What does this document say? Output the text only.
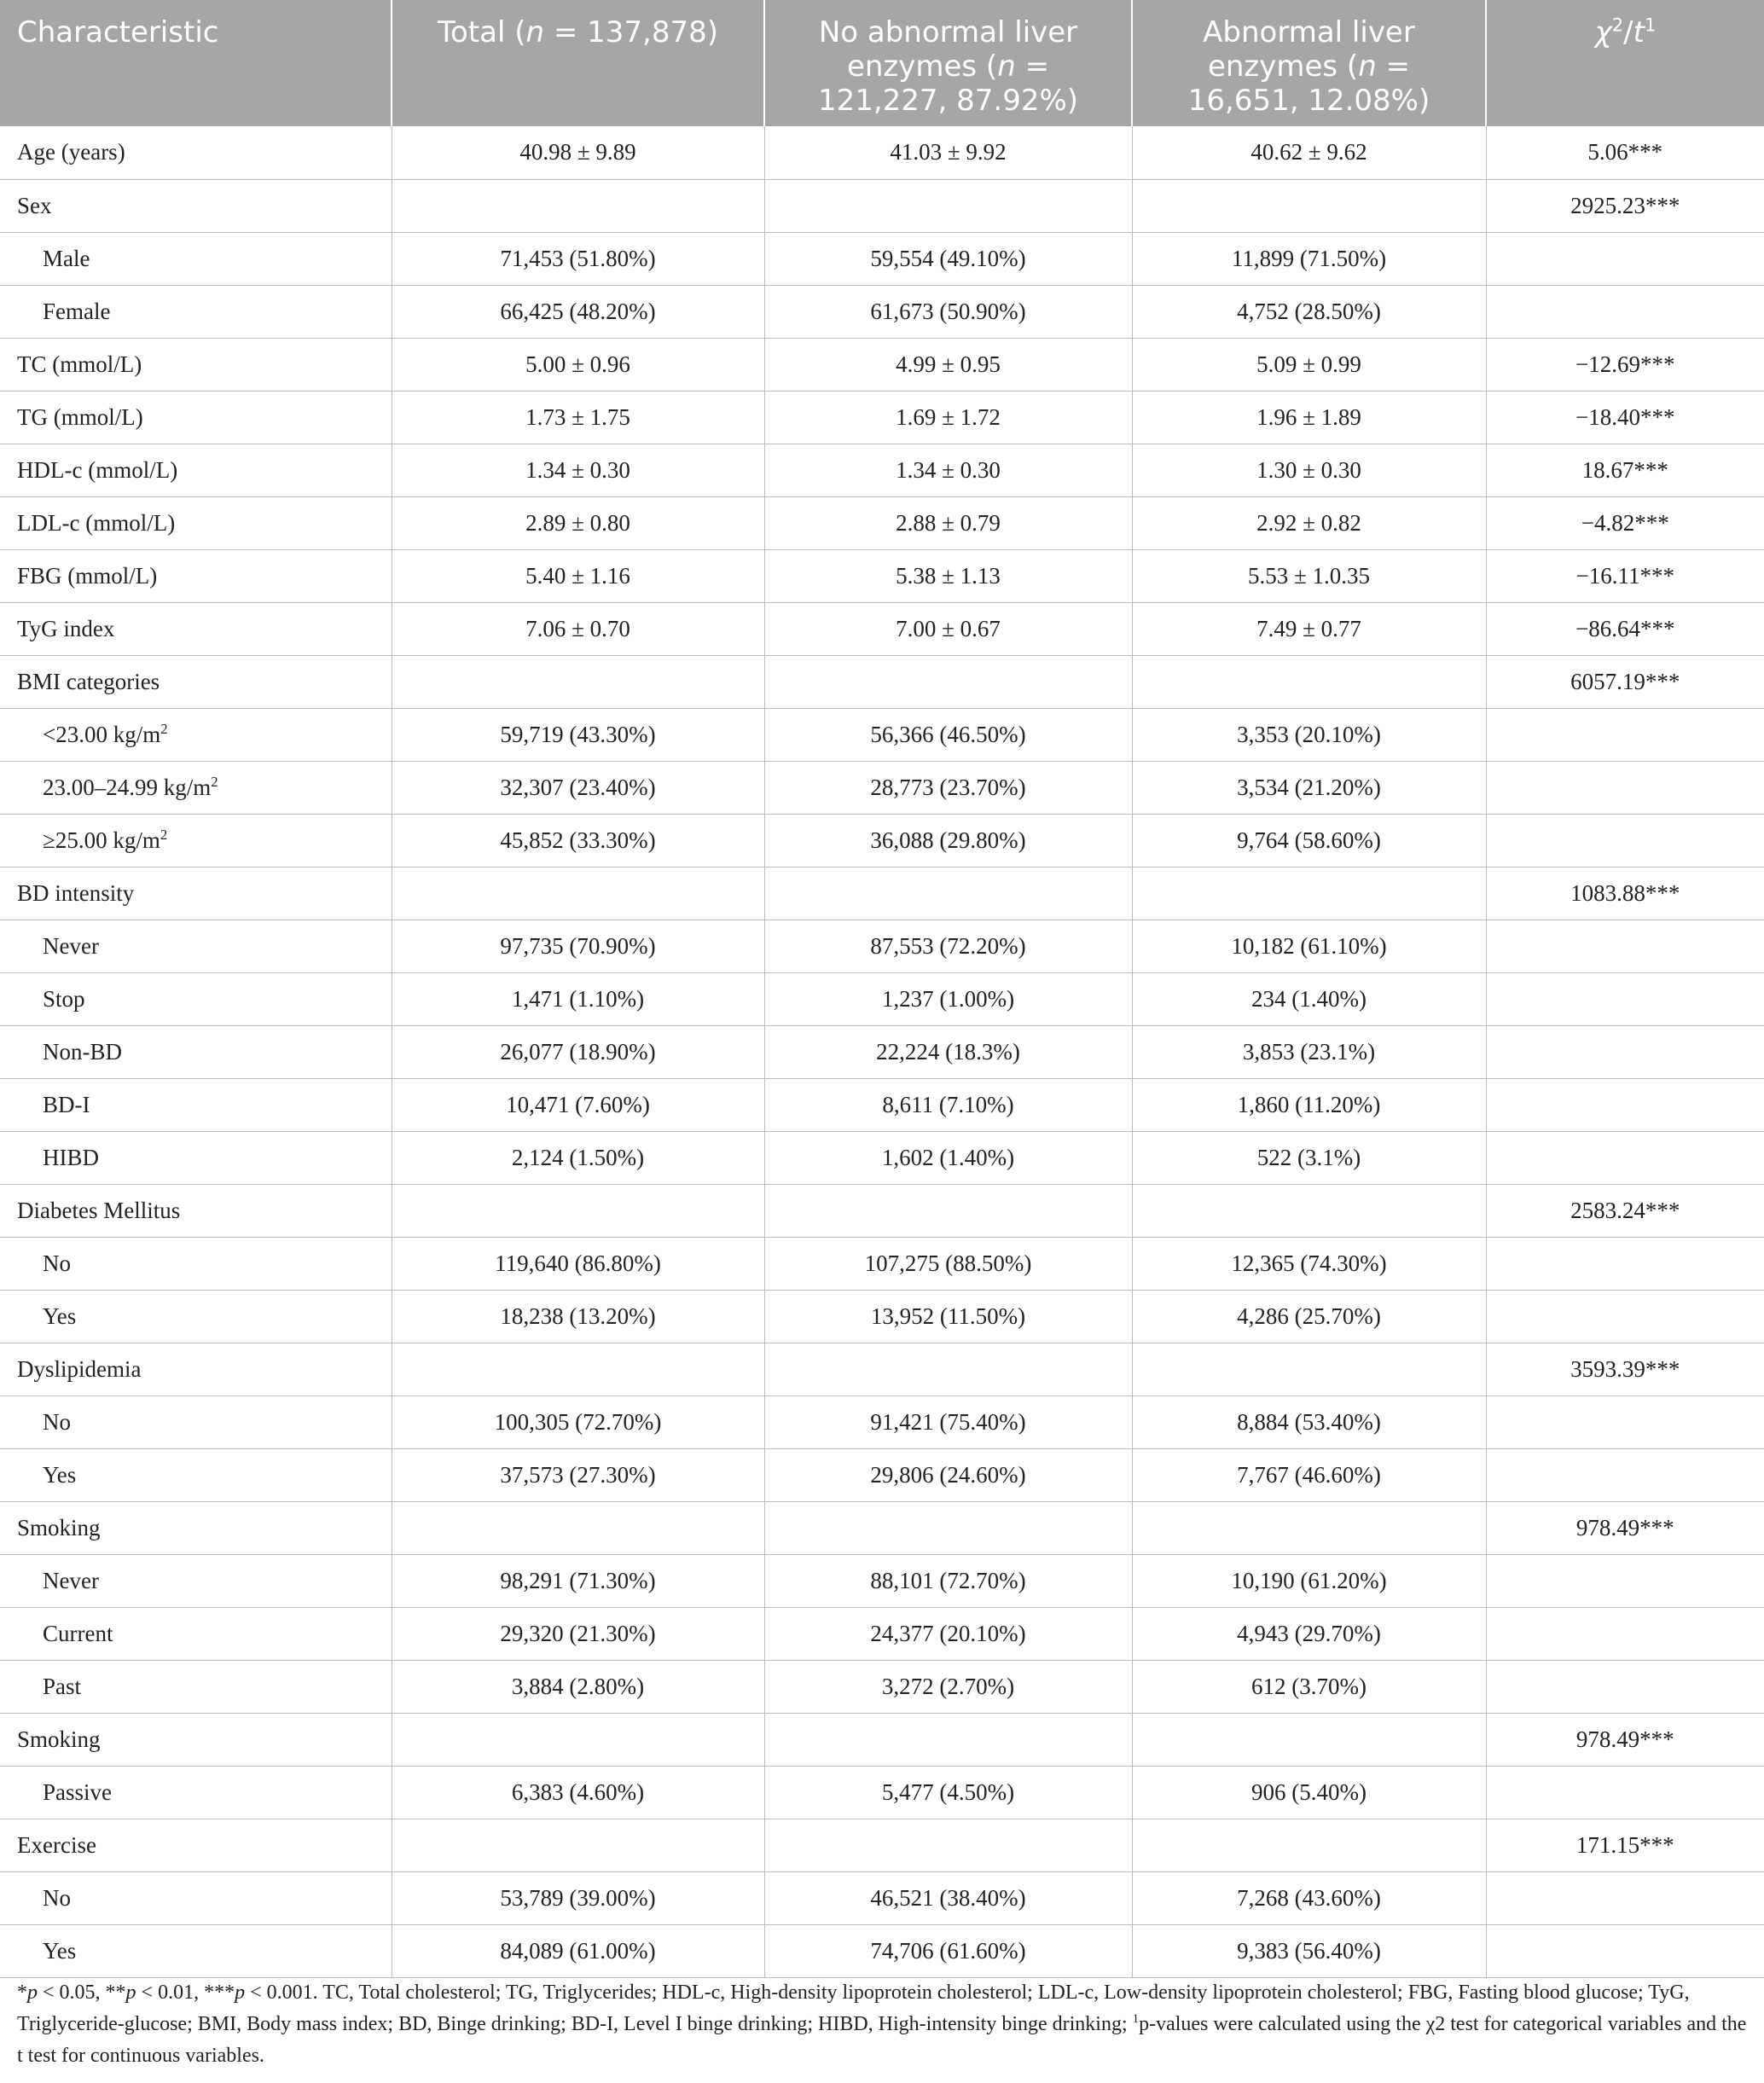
Characteristic	Total (n = 137,878)	No abnormal liver enzymes (n = 121,227, 87.92%)	Abnormal liver enzymes (n = 16,651, 12.08%)	$\chi^2/t^1$
Age (years)	40.98 ± 9.89	41.03 ± 9.92	40.62 ± 9.62	5.06***
Sex				2925.23***
Male	71,453 (51.80%)	59,554 (49.10%)	11,899 (71.50%)	
Female	66,425 (48.20%)	61,673 (50.90%)	4,752 (28.50%)	
TC (mmol/L)	5.00 ± 0.96	4.99 ± 0.95	5.09 ± 0.99	−12.69***
TG (mmol/L)	1.73 ± 1.75	1.69 ± 1.72	1.96 ± 1.89	−18.40***
HDL-c (mmol/L)	1.34 ± 0.30	1.34 ± 0.30	1.30 ± 0.30	18.67***
LDL-c (mmol/L)	2.89 ± 0.80	2.88 ± 0.79	2.92 ± 0.82	−4.82***
FBG (mmol/L)	5.40 ± 1.16	5.38 ± 1.13	5.53 ± 1.0.35	−16.11***
TyG index	7.06 ± 0.70	7.00 ± 0.67	7.49 ± 0.77	−86.64***
BMI categories				6057.19***
<23.00 $kg/m^2$	59,719 (43.30%)	56,366 (46.50%)	3,353 (20.10%)	
23.00–24.99 $kg/m^2$	32,307 (23.40%)	28,773 (23.70%)	3,534 (21.20%)	
≥25.00 $kg/m^2$	45,852 (33.30%)	36,088 (29.80%)	9,764 (58.60%)	
BD intensity				1083.88***
Never	97,735 (70.90%)	87,553 (72.20%)	10,182 (61.10%)	
Stop	1,471 (1.10%)	1,237 (1.00%)	234 (1.40%)	
Non-BD	26,077 (18.90%)	22,224 (18.3%)	3,853 (23.1%)	
BD-I	10,471 (7.60%)	8,611 (7.10%)	1,860 (11.20%)	
HIBD	2,124 (1.50%)	1,602 (1.40%)	522 (3.1%)	
Diabetes Mellitus				2583.24***
No	119,640 (86.80%)	107,275 (88.50%)	12,365 (74.30%)	
Yes	18,238 (13.20%)	13,952 (11.50%)	4,286 (25.70%)	
Dyslipidemia				3593.39***
No	100,305 (72.70%)	91,421 (75.40%)	8,884 (53.40%)	
Yes	37,573 (27.30%)	29,806 (24.60%)	7,767 (46.60%)	
Smoking				978.49***
Never	98,291 (71.30%)	88,101 (72.70%)	10,190 (61.20%)	
Current	29,320 (21.30%)	24,377 (20.10%)	4,943 (29.70%)	
Past	3,884 (2.80%)	3,272 (2.70%)	612 (3.70%)	
Smoking				978.49***
Passive	6,383 (4.60%)	5,477 (4.50%)	906 (5.40%)	
Exercise				171.15***
No	53,789 (39.00%)	46,521 (38.40%)	7,268 (43.60%)	
Yes	84,089 (61.00%)	74,706 (61.60%)	9,383 (56.40%)	
*p < 0.05, **p < 0.01, ***p < 0.001. TC, Total cholesterol; TG, Triglycerides; HDL-c, High-density lipoprotein cholesterol; LDL-c, Low-density lipoprotein cholesterol; FBG, Fasting blood glucose; TyG, Triglyceride-glucose; BMI, Body mass index; BD, Binge drinking; BD-I, Level I binge drinking; HIBD, High-intensity binge drinking; $^1$p-values were calculated using the χ2 test for categorical variables and the t test for continuous variables.
